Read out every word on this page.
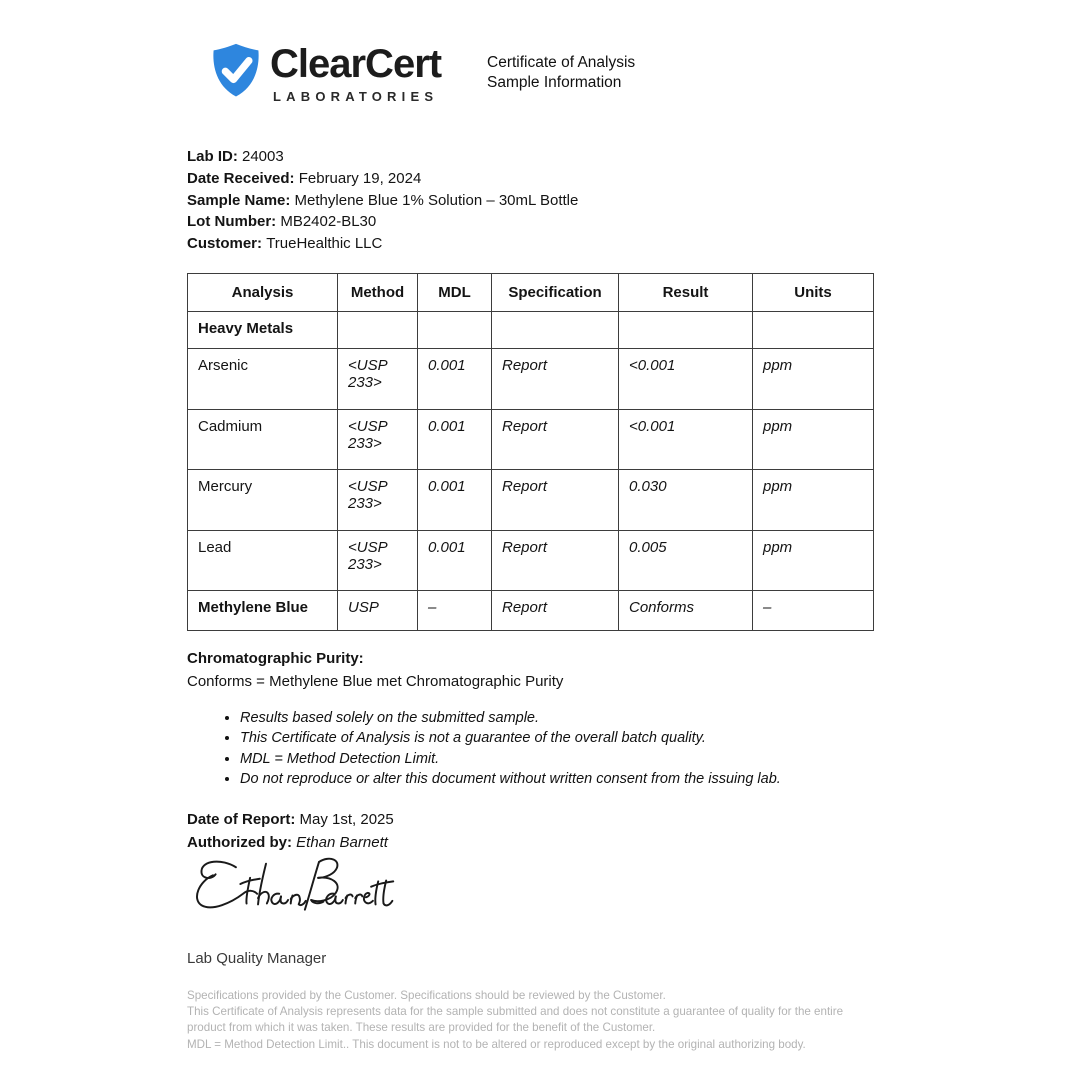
ClearCert
LABORATORIES
Certificate of Analysis
Sample Information
Lab ID: 24003
Date Received: February 19, 2024
Sample Name: Methylene Blue 1% Solution – 30mL Bottle
Lot Number: MB2402-BL30
Customer: TrueHealthic LLC
Analysis	Method	MDL	Specification	Result	Units
Heavy Metals					
Arsenic	<USP 233>	0.001	Report	<0.001	ppm
Cadmium	<USP 233>	0.001	Report	<0.001	ppm
Mercury	<USP 233>	0.001	Report	0.030	ppm
Lead	<USP 233>	0.001	Report	0.005	ppm
Methylene Blue	USP	–	Report	Conforms	–
Chromatographic Purity:
Conforms = Methylene Blue met Chromatographic Purity
• Results based solely on the submitted sample.
• This Certificate of Analysis is not a guarantee of the overall batch quality.
• MDL = Method Detection Limit.
• Do not reproduce or alter this document without written consent from the issuing lab.
Date of Report: May 1st, 2025
Authorized by: Ethan Barnett
Lab Quality Manager
Specifications provided by the Customer. Specifications should be reviewed by the Customer.
This Certificate of Analysis represents data for the sample submitted and does not constitute a guarantee of quality for the entire product from which it was taken. These results are provided for the benefit of the Customer.
MDL = Method Detection Limit.. This document is not to be altered or reproduced except by the original authorizing body.
